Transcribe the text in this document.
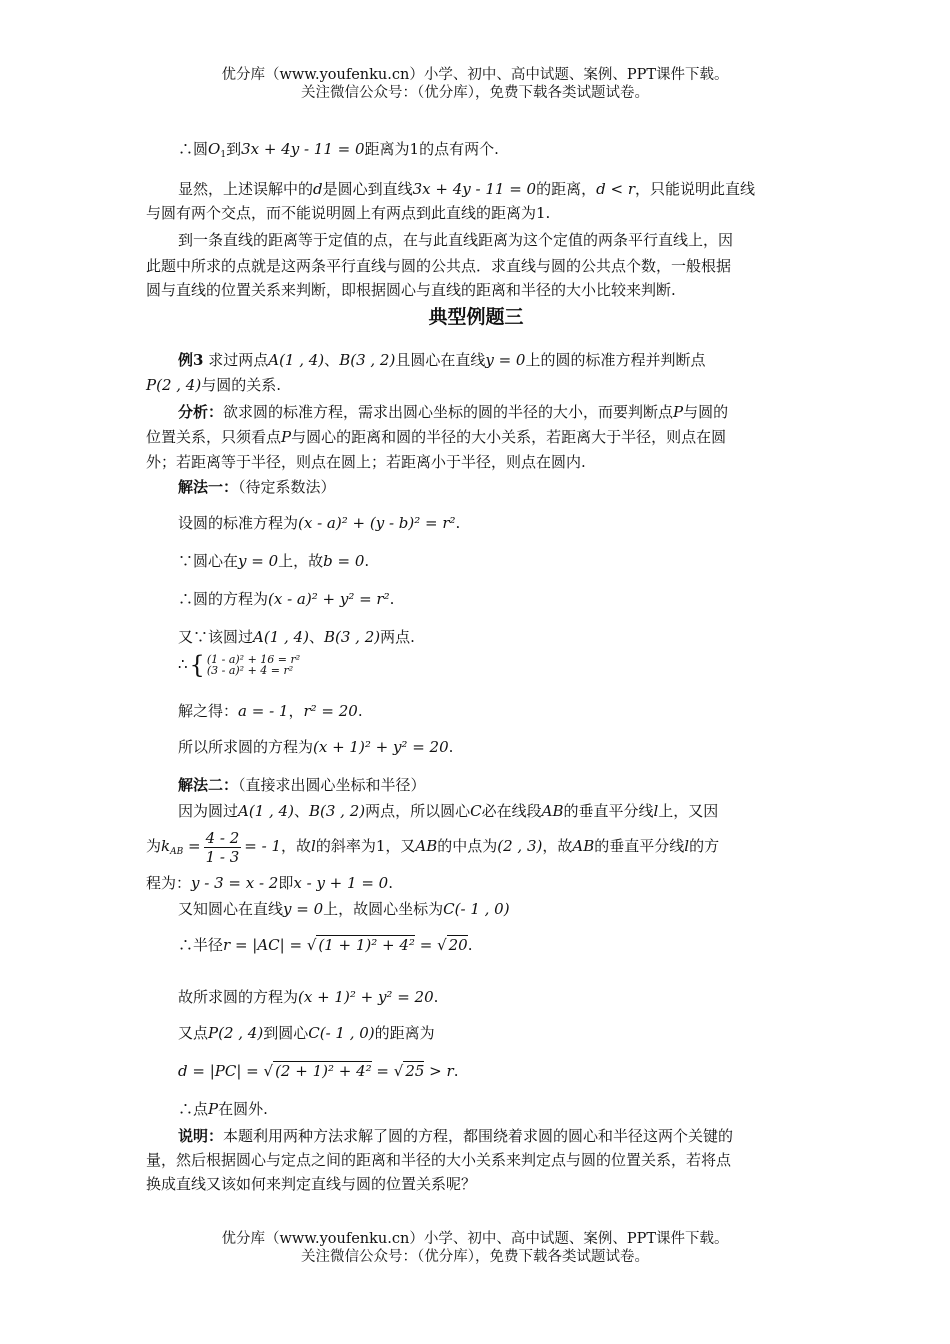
优分库（www.youfenku.cn）小学、初中、高中试题、案例、PPT课件下载。
关注微信公众号：（优分库），免费下载各类试题试卷。
∴圆$O_1$到3x + 4y - 11 = 0距离为1的点有两个.
显然，上述误解中的d是圆心到直线3x + 4y - 11 = 0的距离，d < r，只能说明此直线
与圆有两个交点，而不能说明圆上有两点到此直线的距离为1.
到一条直线的距离等于定值的点，在与此直线距离为这个定值的两条平行直线上，因
此题中所求的点就是这两条平行直线与圆的公共点．求直线与圆的公共点个数，一般根据
圆与直线的位置关系来判断，即根据圆心与直线的距离和半径的大小比较来判断.
典型例题三
例3 求过两点A(1 , 4)、B(3 , 2)且圆心在直线y = 0上的圆的标准方程并判断点
P(2 , 4)与圆的关系.
分析：欲求圆的标准方程，需求出圆心坐标的圆的半径的大小，而要判断点P与圆的
位置关系，只须看点P与圆心的距离和圆的半径的大小关系，若距离大于半径，则点在圆
外；若距离等于半径，则点在圆上；若距离小于半径，则点在圆内.
解法一：（待定系数法）
设圆的标准方程为(x - a)² + (y - b)² = r².
∵圆心在y = 0上，故b = 0.
∴圆的方程为(x - a)² + y² = r².
又∵该圆过A(1 , 4)、B(3 , 2)两点.
∴{ (1 - a)² + 16 = r²
(3 - a)² + 4 = r²
解之得：a = - 1，r² = 20.
所以所求圆的方程为(x + 1)² + y² = 20.
解法二：（直接求出圆心坐标和半径）
因为圆过A(1 , 4)、B(3 , 2)两点，所以圆心C必在线段AB的垂直平分线l上，又因
为$k_{AB} = \frac{4 - 2}{1 - 3}$ = - 1，故l的斜率为1，又AB的中点为(2 , 3)，故AB的垂直平分线l的方
程为：y - 3 = x - 2即x - y + 1 = 0.
又知圆心在直线y = 0上，故圆心坐标为C(- 1 , 0)
∴半径r = |AC| = √ (1 + 1)² + 4² = √ 20.
故所求圆的方程为(x + 1)² + y² = 20.
又点P(2 , 4)到圆心C(- 1 , 0)的距离为
d = |PC| = √ (2 + 1)² + 4² = √ 25 > r.
∴点P在圆外.
说明：本题利用两种方法求解了圆的方程，都围绕着求圆的圆心和半径这两个关键的
量，然后根据圆心与定点之间的距离和半径的大小关系来判定点与圆的位置关系，若将点
换成直线又该如何来判定直线与圆的位置关系呢？
优分库（www.youfenku.cn）小学、初中、高中试题、案例、PPT课件下载。
关注微信公众号：（优分库），免费下载各类试题试卷。
